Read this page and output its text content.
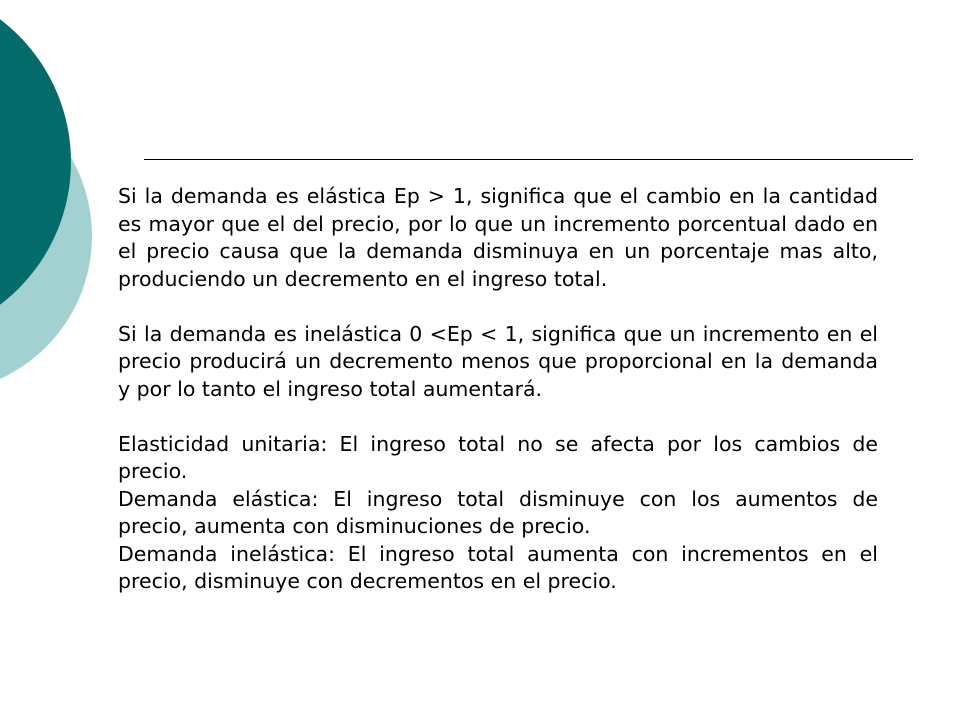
Si la demanda es elástica Ep > 1, significa que el cambio en la cantidad es mayor que el del precio, por lo que un incremento porcentual dado en el precio causa que la demanda disminuya en un porcentaje mas alto, produciendo un decremento en el ingreso total.

Si la demanda es inelástica 0 <Ep < 1, significa que un incremento en el precio producirá un decremento menos que proporcional en la demanda y por lo tanto el ingreso total aumentará.

Elasticidad unitaria: El ingreso total no se afecta por los cambios de precio.

Demanda elástica: El ingreso total disminuye con los aumentos de precio, aumenta con disminuciones de precio.

Demanda inelástica: El ingreso total aumenta con incrementos en el precio, disminuye con decrementos en el precio.
